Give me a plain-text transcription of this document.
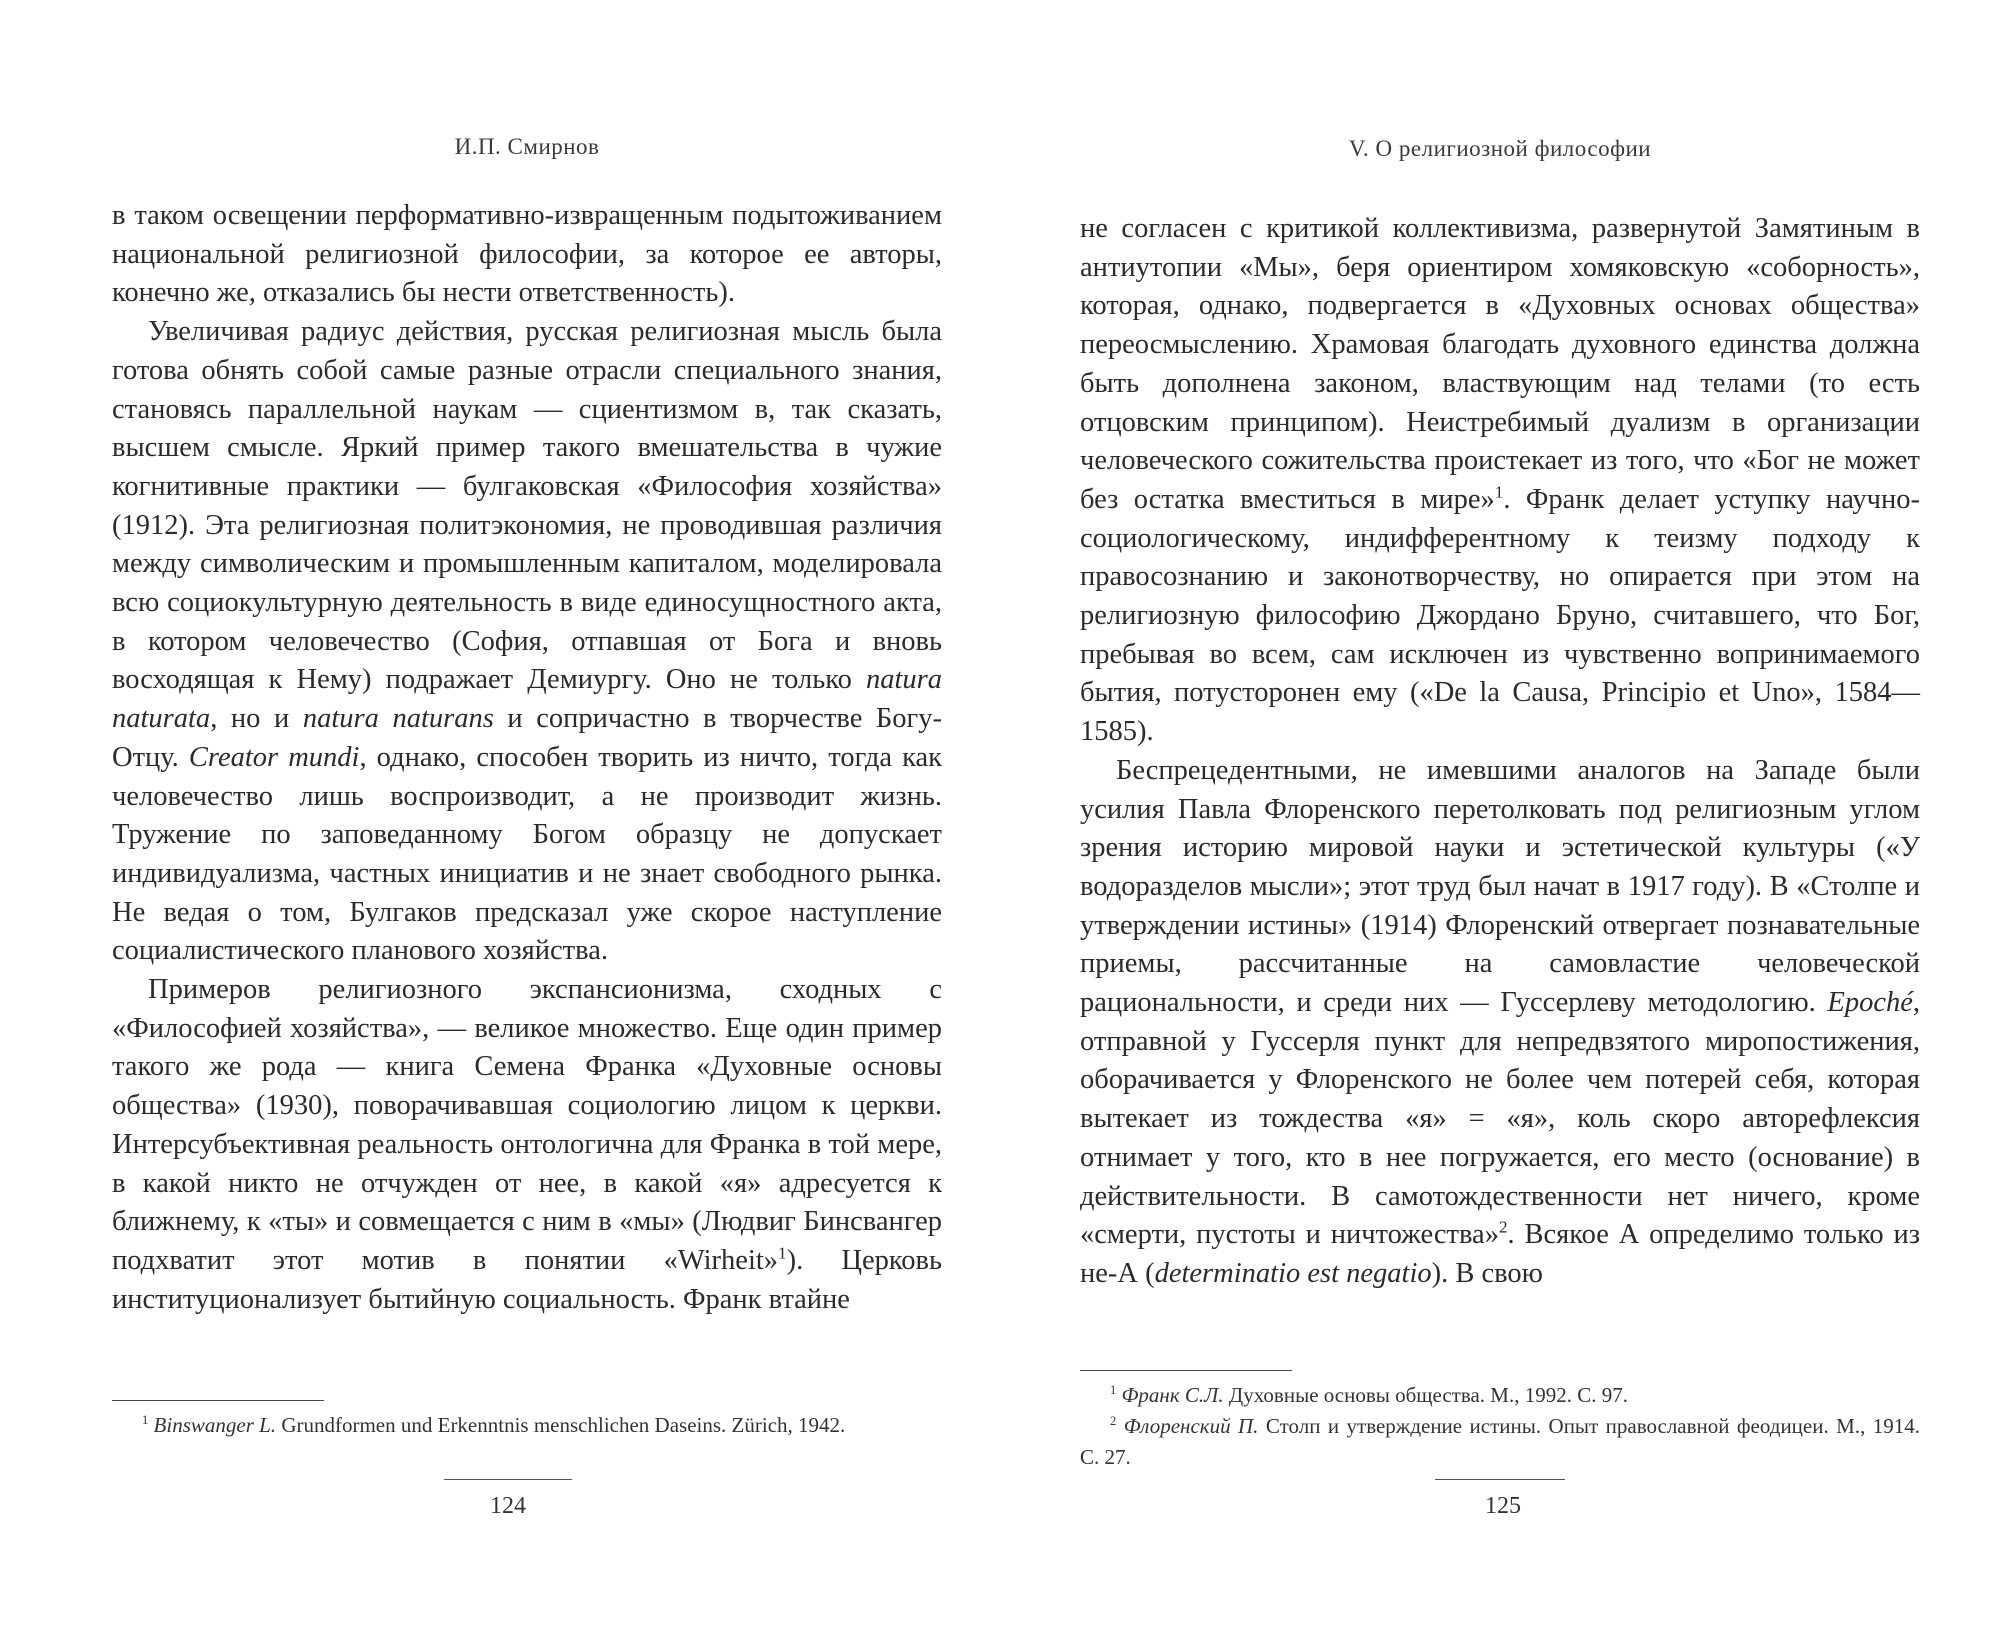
И.П. Смирнов

в таком освещении перформативно-извращенным подытоживанием национальной религиозной философии, за которое ее авторы, конечно же, отказались бы нести ответственность).

Увеличивая радиус действия, русская религиозная мысль была готова обнять собой самые разные отрасли специального знания, становясь параллельной наукам — сциентизмом в, так сказать, высшем смысле. Яркий пример такого вмешательства в чужие когнитивные практики — булгаковская «Философия хозяйства» (1912). Эта религиозная политэкономия, не проводившая различия между символическим и промышленным капиталом, моделировала всю социокультурную деятельность в виде единосущностного акта, в котором человечество (София, отпавшая от Бога и вновь восходящая к Нему) подражает Демиургу. Оно не только natura naturata, но и natura naturans и сопричастно в творчестве Богу-Отцу. Creator mundi, однако, способен творить из ничто, тогда как человечество лишь воспроизводит, а не производит жизнь. Тружение по заповеданному Богом образцу не допускает индивидуализма, частных инициатив и не знает свободного рынка. Не ведая о том, Булгаков предсказал уже скорое наступление социалистического планового хозяйства.

Примеров религиозного экспансионизма, сходных с «Философией хозяйства», — великое множество. Еще один пример такого же рода — книга Семена Франка «Духовные основы общества» (1930), поворачивавшая социологию лицом к церкви. Интерсубъективная реальность онтологична для Франка в той мере, в какой никто не отчужден от нее, в какой «я» адресуется к ближнему, к «ты» и совмещается с ним в «мы» (Людвиг Бинсвангер подхватит этот мотив в понятии «Wirheit»$^1$). Церковь институционализует бытийную социальность. Франк втайне

$^1$ Binswanger L. Grundformen und Erkenntnis menschlichen Daseins. Zürich, 1942.

124
V. О религиозной философии

не согласен с критикой коллективизма, развернутой Замятиным в антиутопии «Мы», беря ориентиром хомяковскую «соборность», которая, однако, подвергается в «Духовных основах общества» переосмыслению. Храмовая благодать духовного единства должна быть дополнена законом, властвующим над телами (то есть отцовским принципом). Неистребимый дуализм в организации человеческого сожительства проистекает из того, что «Бог не может без остатка вместиться в мире»$^1$. Франк делает уступку научно-социологическому, индифферентному к теизму подходу к правосознанию и законотворчеству, но опирается при этом на религиозную философию Джордано Бруно, считавшего, что Бог, пребывая во всем, сам исключен из чувственно вопринимаемого бытия, потусторонен ему («De la Causa, Principio et Uno», 1584—1585).

Беспрецедентными, не имевшими аналогов на Западе были усилия Павла Флоренского перетолковать под религиозным углом зрения историю мировой науки и эстетической культуры («У водоразделов мысли»; этот труд был начат в 1917 году). В «Столпе и утверждении истины» (1914) Флоренский отвергает познавательные приемы, рассчитанные на самовластие человеческой рациональности, и среди них — Гуссерлеву методологию. Epoché, отправной у Гуссерля пункт для непредвзятого миропостижения, оборачивается у Флоренского не более чем потерей себя, которая вытекает из тождества «я» = «я», коль скоро авторефлексия отнимает у того, кто в нее погружается, его место (основание) в действительности. В самотождественности нет ничего, кроме «смерти, пустоты и ничтожества»$^2$. Всякое А определимо только из не-А (determinatio est negatio). В свою

$^1$ Франк С.Л. Духовные основы общества. М., 1992. С. 97.

$^2$ Флоренский П. Столп и утверждение истины. Опыт православной феодицеи. М., 1914. С. 27.

125
